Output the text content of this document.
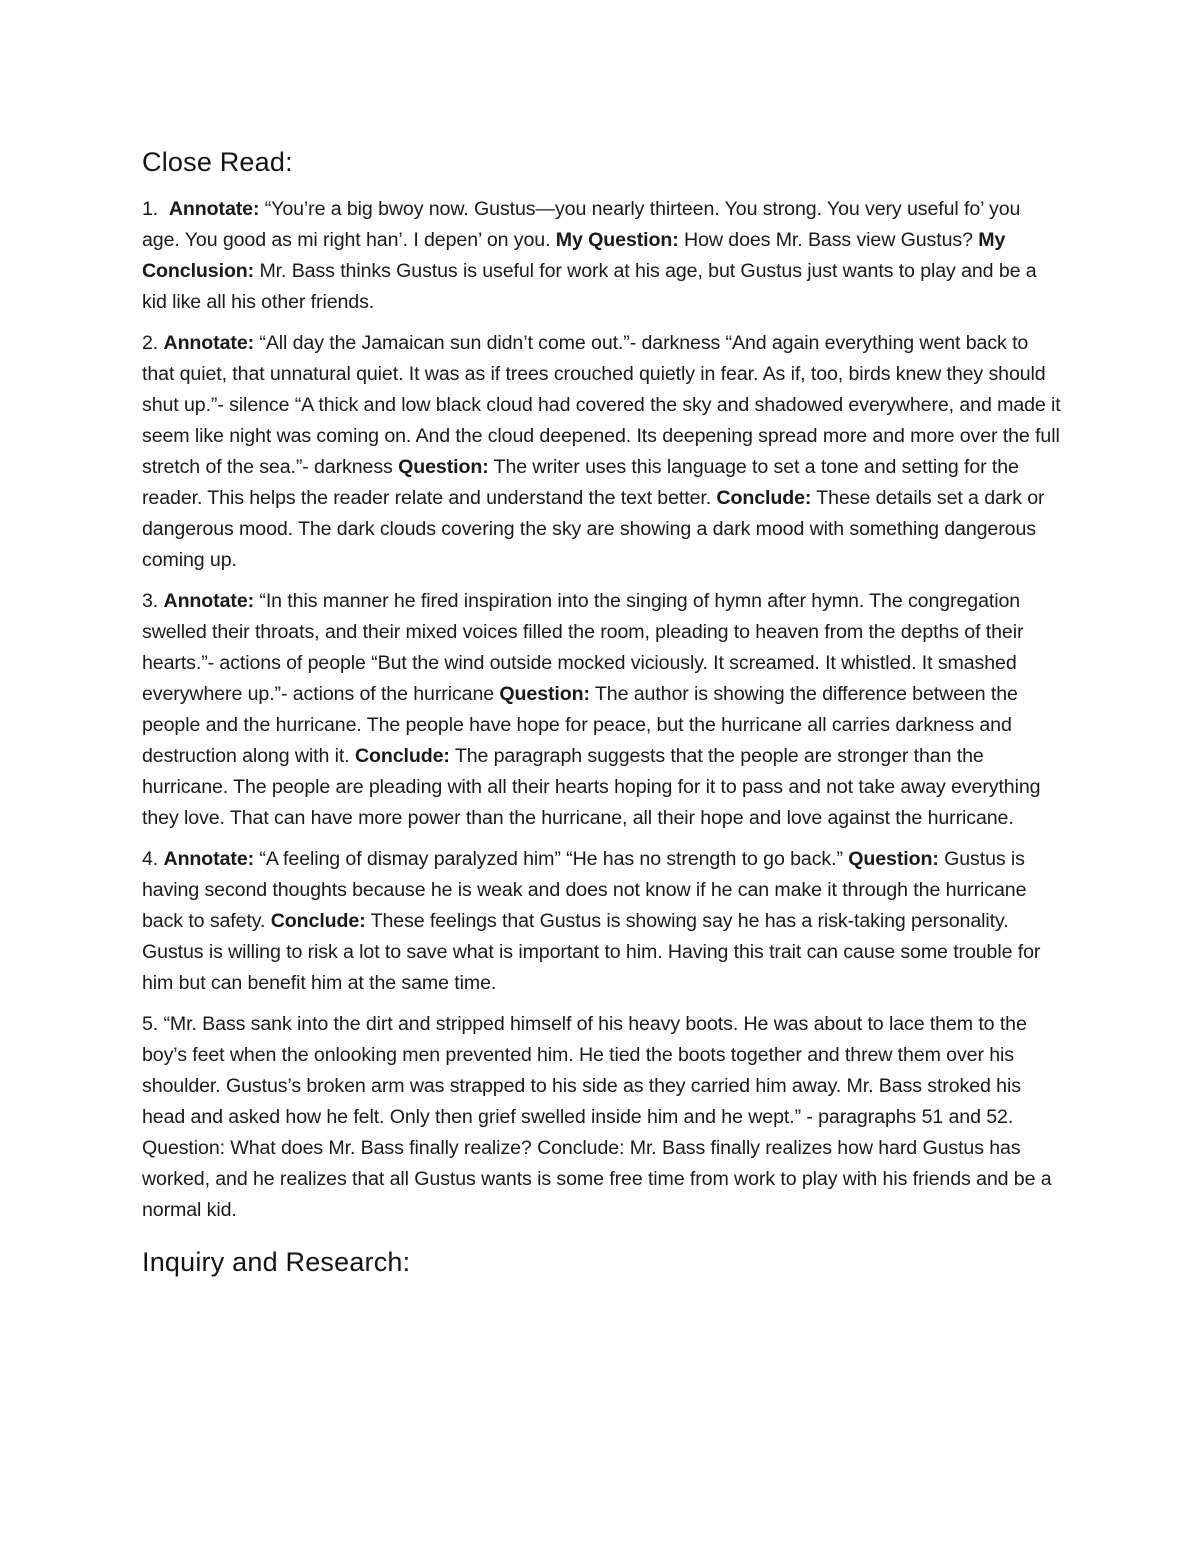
Close Read:

1. Annotate: “You’re a big bwoy now. Gustus—you nearly thirteen. You strong. You very useful fo’ you age. You good as mi right han’. I depen’ on you. My Question: How does Mr. Bass view Gustus? My Conclusion: Mr. Bass thinks Gustus is useful for work at his age, but Gustus just wants to play and be a kid like all his other friends.

2. Annotate: “All day the Jamaican sun didn’t come out.”- darkness “And again everything went back to that quiet, that unnatural quiet. It was as if trees crouched quietly in fear. As if, too, birds knew they should shut up.”- silence “A thick and low black cloud had covered the sky and shadowed everywhere, and made it seem like night was coming on. And the cloud deepened. Its deepening spread more and more over the full stretch of the sea.”- darkness Question: The writer uses this language to set a tone and setting for the reader. This helps the reader relate and understand the text better. Conclude: These details set a dark or dangerous mood. The dark clouds covering the sky are showing a dark mood with something dangerous coming up.

3. Annotate: “In this manner he fired inspiration into the singing of hymn after hymn. The congregation swelled their throats, and their mixed voices filled the room, pleading to heaven from the depths of their hearts.”- actions of people “But the wind outside mocked viciously. It screamed. It whistled. It smashed everywhere up.”- actions of the hurricane Question: The author is showing the difference between the people and the hurricane. The people have hope for peace, but the hurricane all carries darkness and destruction along with it. Conclude: The paragraph suggests that the people are stronger than the hurricane. The people are pleading with all their hearts hoping for it to pass and not take away everything they love. That can have more power than the hurricane, all their hope and love against the hurricane.

4. Annotate: “A feeling of dismay paralyzed him” “He has no strength to go back.” Question: Gustus is having second thoughts because he is weak and does not know if he can make it through the hurricane back to safety. Conclude: These feelings that Gustus is showing say he has a risk-taking personality. Gustus is willing to risk a lot to save what is important to him. Having this trait can cause some trouble for him but can benefit him at the same time.

5. “Mr. Bass sank into the dirt and stripped himself of his heavy boots. He was about to lace them to the boy’s feet when the onlooking men prevented him. He tied the boots together and threw them over his shoulder. Gustus’s broken arm was strapped to his side as they carried him away. Mr. Bass stroked his head and asked how he felt. Only then grief swelled inside him and he wept.” - paragraphs 51 and 52. Question: What does Mr. Bass finally realize? Conclude: Mr. Bass finally realizes how hard Gustus has worked, and he realizes that all Gustus wants is some free time from work to play with his friends and be a normal kid.

Inquiry and Research:
